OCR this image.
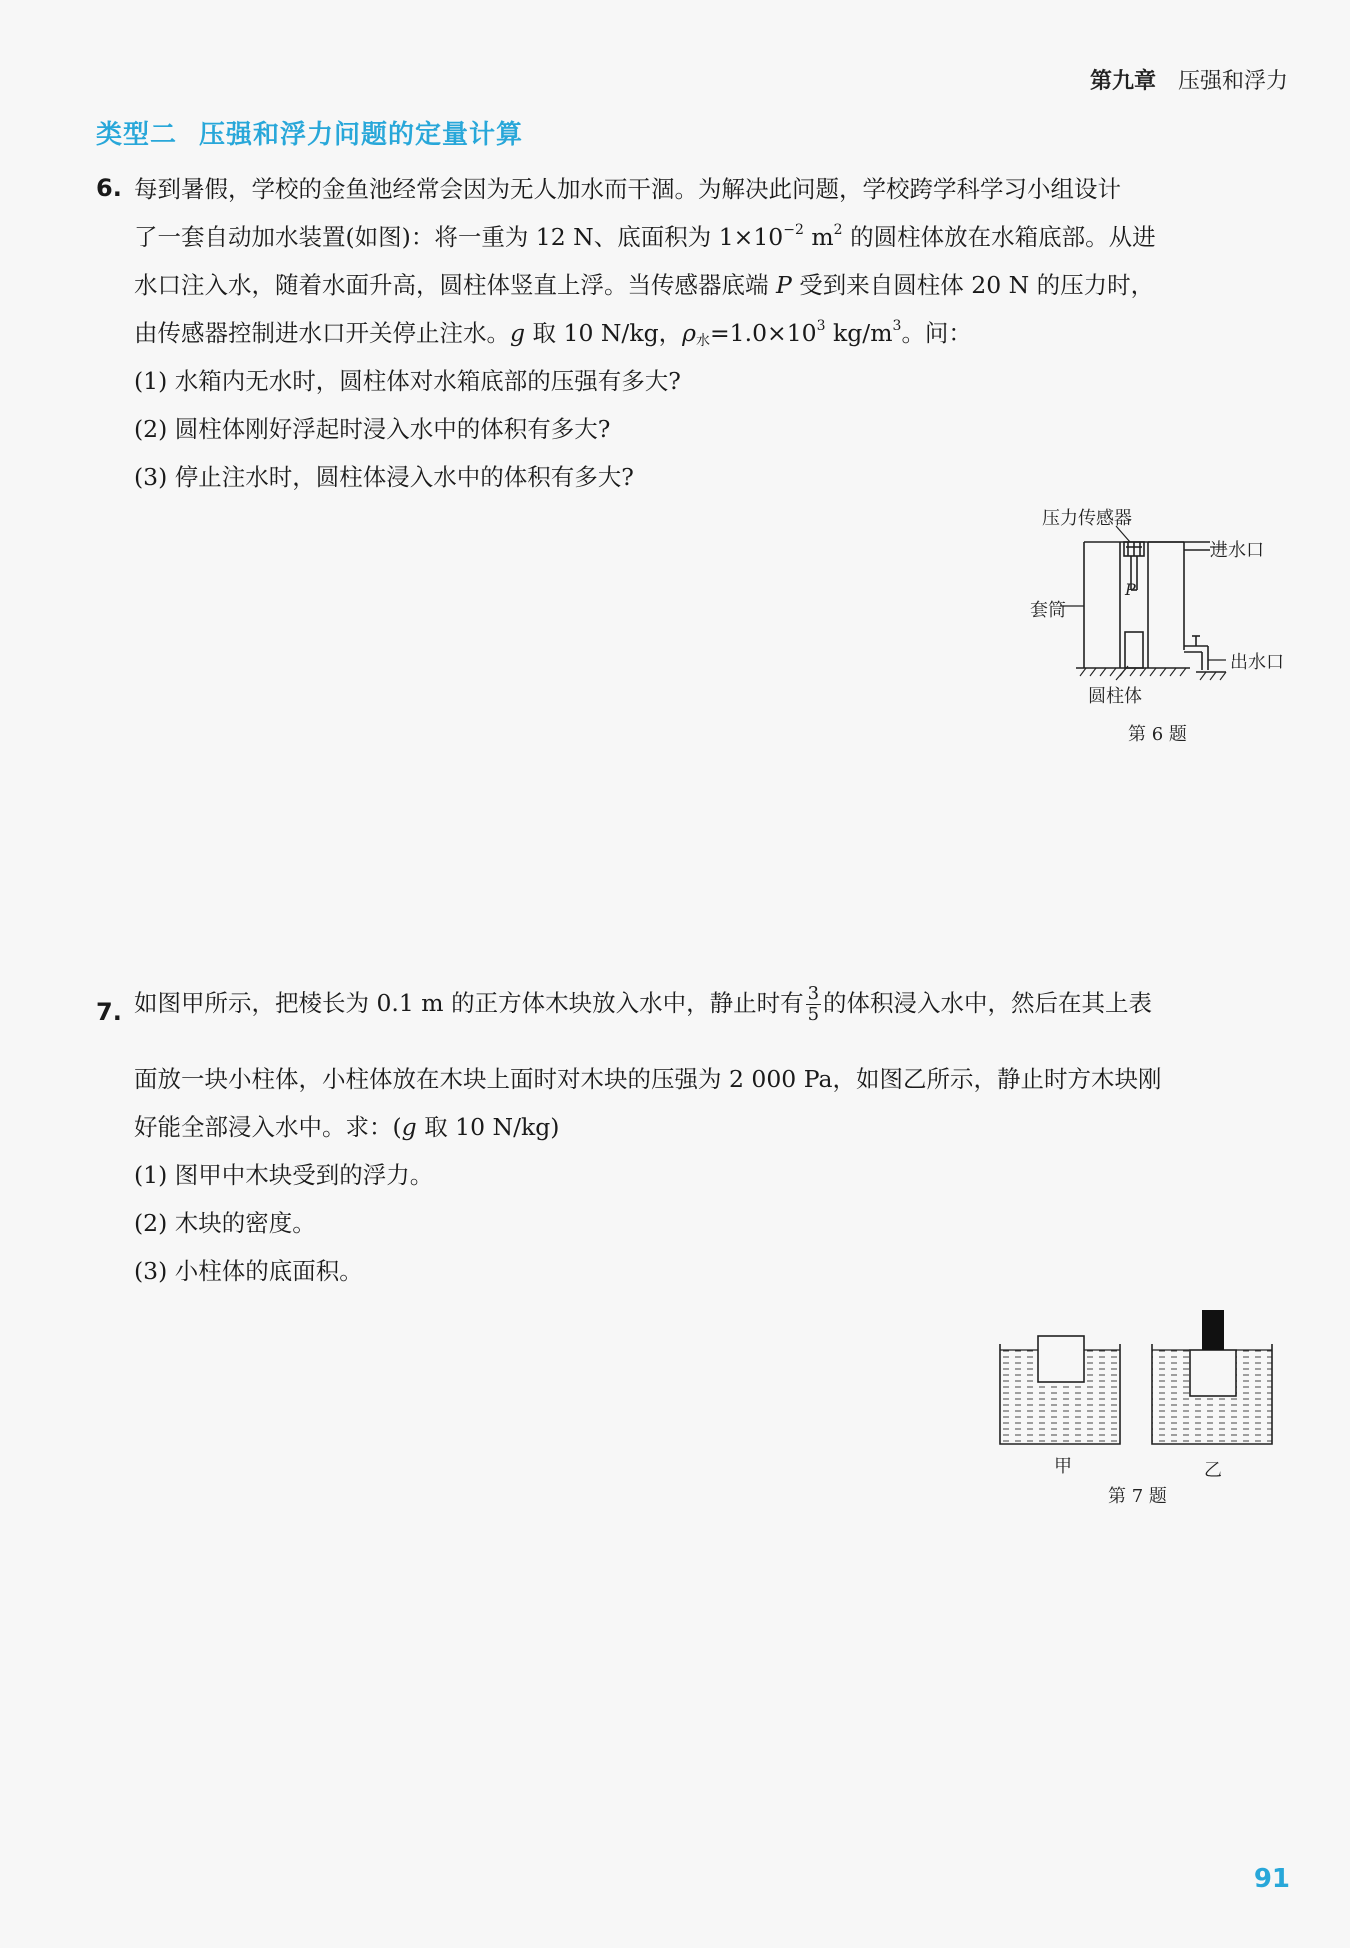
第九章 压强和浮力
类型二 压强和浮力问题的定量计算
6. 每到暑假，学校的金鱼池经常会因为无人加水而干涸。为解决此问题，学校跨学科学习小组设计
了一套自动加水装置(如图)：将一重为 12 N、底面积为 $1\times 10^{-2}$ $m^2$ 的圆柱体放在水箱底部。从进
水口注入水，随着水面升高，圆柱体竖直上浮。当传感器底端 P 受到来自圆柱体 20 N 的压力时，
由传感器控制进水口开关停止注水。g 取 10 N/kg，$\rho_水=1.0\times 10^3$ $kg/m^3$。问：
(1) 水箱内无水时，圆柱体对水箱底部的压强有多大?
(2) 圆柱体刚好浮起时浸入水中的体积有多大?
(3) 停止注水时，圆柱体浸入水中的体积有多大?
压力传感器
进水口
套筒
P
出水口
圆柱体
第 6 题
7. 如图甲所示，把棱长为 0.1 m 的正方体木块放入水中，静止时有 $\frac{3}{5}$ 的体积浸入水中，然后在其上表
面放一块小柱体，小柱体放在木块上面时对木块的压强为 2 000 Pa，如图乙所示，静止时方木块刚
好能全部浸入水中。求：(g 取 10 N/kg)
(1) 图甲中木块受到的浮力。
(2) 木块的密度。
(3) 小柱体的底面积。
甲	乙
第 7 题
91
